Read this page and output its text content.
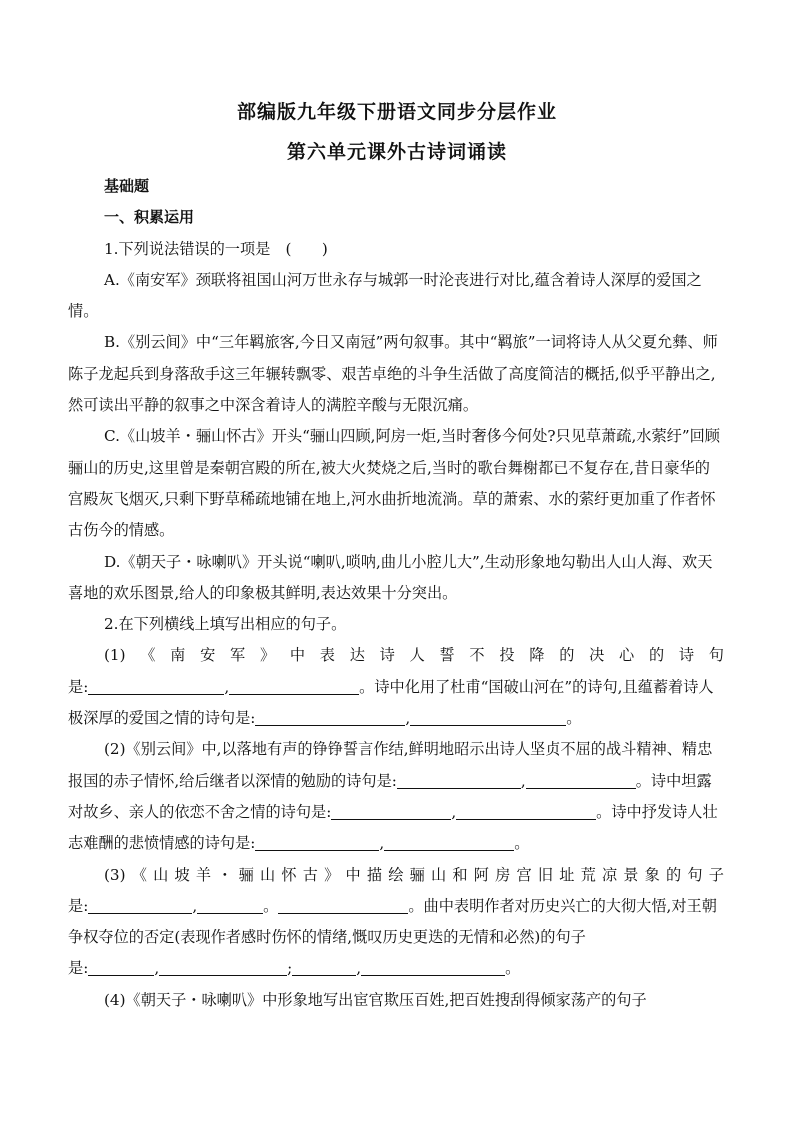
部编版九年级下册语文同步分层作业
第六单元课外古诗词诵读

基础题

一、积累运用

1.下列说法错误的一项是　(　　)

A.《南安军》颈联将祖国山河万世永存与城郭一时沦丧进行对比,蕴含着诗人深厚的爱国之情。

B.《别云间》中“三年羁旅客,今日又南冠”两句叙事。其中“羁旅”一词将诗人从父夏允彝、师陈子龙起兵到身落敌手这三年辗转飘零、艰苦卓绝的斗争生活做了高度简洁的概括,似乎平静出之,然可读出平静的叙事之中深含着诗人的满腔辛酸与无限沉痛。

C.《山坡羊・骊山怀古》开头“骊山四顾,阿房一炬,当时奢侈今何处?只见草萧疏,水萦纡”回顾骊山的历史,这里曾是秦朝宫殿的所在,被大火焚烧之后,当时的歌台舞榭都已不复存在,昔日豪华的宫殿灰飞烟灭,只剩下野草稀疏地铺在地上,河水曲折地流淌。草的萧索、水的萦纡更加重了作者怀古伤今的情感。

D.《朝天子・咏喇叭》开头说“喇叭,唢呐,曲儿小腔儿大”,生动形象地勾勒出人山人海、欢天喜地的欢乐图景,给人的印象极其鲜明,表达效果十分突出。

2.在下列横线上填写出相应的句子。

(1)《南安军》中表达诗人誓不投降的决心的诗句

是:	,	。诗中化用了杜甫“国破山河在”的诗句,且蕴蓄着诗人极深厚的爱国之情的诗句是:	,	。

(2)《别云间》中,以落地有声的铮铮誓言作结,鲜明地昭示出诗人坚贞不屈的战斗精神、精忠报国的赤子情怀,给后继者以深情的勉励的诗句是:	,	。诗中坦露对故乡、亲人的依恋不舍之情的诗句是:	,	。诗中抒发诗人壮志难酬的悲愤情感的诗句是:	,	。

(3)《山坡羊・骊山怀古》中描绘骊山和阿房宫旧址荒凉景象的句子

是:	,	。	。曲中表明作者对历史兴亡的大彻大悟,对王朝争权夺位的否定(表现作者感时伤怀的情绪,慨叹历史更迭的无情和必然)的句子

是:	,	;	,	。

(4)《朝天子・咏喇叭》中形象地写出宦官欺压百姓,把百姓搜刮得倾家荡产的句子
